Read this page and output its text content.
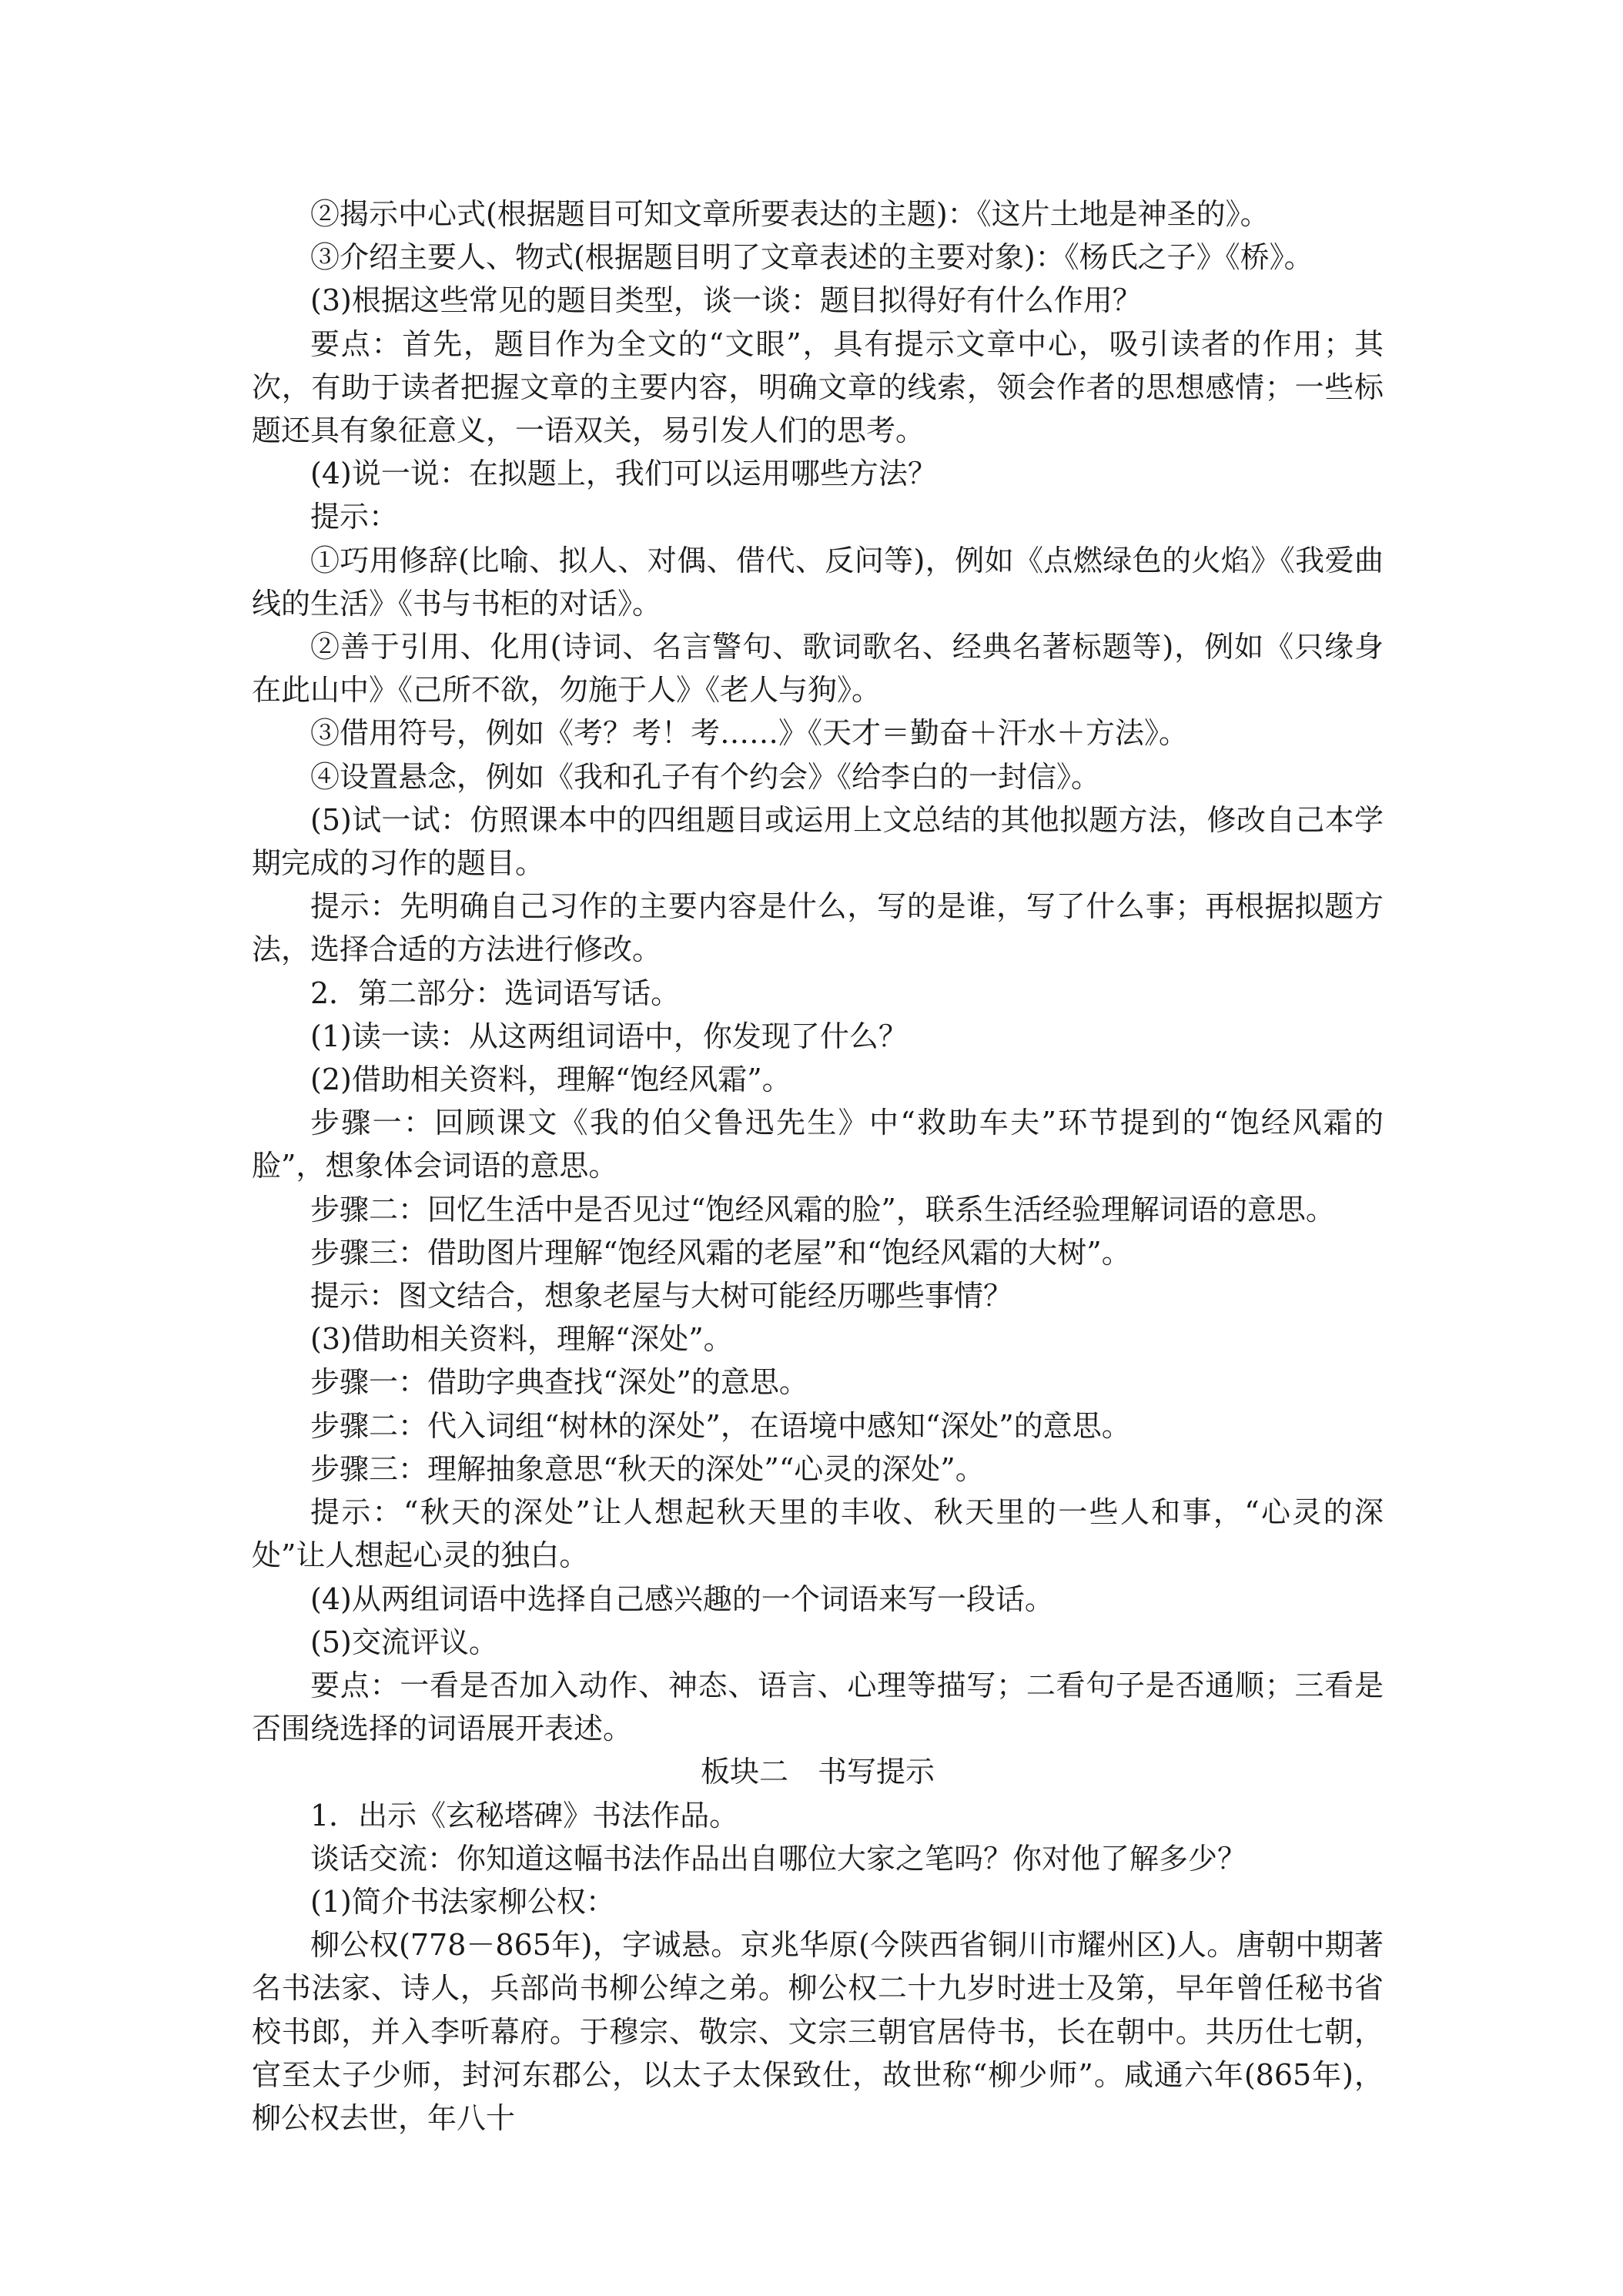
②揭示中心式(根据题目可知文章所要表达的主题)：《这片土地是神圣的》。

③介绍主要人、物式(根据题目明了文章表述的主要对象)：《杨氏之子》《桥》。

(3)根据这些常见的题目类型，谈一谈：题目拟得好有什么作用？

要点：首先，题目作为全文的“文眼”，具有提示文章中心，吸引读者的作用；其次，有助于读者把握文章的主要内容，明确文章的线索，领会作者的思想感情；一些标题还具有象征意义，一语双关，易引发人们的思考。

(4)说一说：在拟题上，我们可以运用哪些方法？

提示：

①巧用修辞(比喻、拟人、对偶、借代、反问等)，例如《点燃绿色的火焰》《我爱曲线的生活》《书与书柜的对话》。

②善于引用、化用(诗词、名言警句、歌词歌名、经典名著标题等)，例如《只缘身在此山中》《己所不欲，勿施于人》《老人与狗》。

③借用符号，例如《考？考！考……》《天才＝勤奋＋汗水＋方法》。

④设置悬念，例如《我和孔子有个约会》《给李白的一封信》。

(5)试一试：仿照课本中的四组题目或运用上文总结的其他拟题方法，修改自己本学期完成的习作的题目。

提示：先明确自己习作的主要内容是什么，写的是谁，写了什么事；再根据拟题方法，选择合适的方法进行修改。

2．第二部分：选词语写话。

(1)读一读：从这两组词语中，你发现了什么？

(2)借助相关资料，理解“饱经风霜”。

步骤一：回顾课文《我的伯父鲁迅先生》中“救助车夫”环节提到的“饱经风霜的脸”，想象体会词语的意思。

步骤二：回忆生活中是否见过“饱经风霜的脸”，联系生活经验理解词语的意思。

步骤三：借助图片理解“饱经风霜的老屋”和“饱经风霜的大树”。

提示：图文结合，想象老屋与大树可能经历哪些事情？

(3)借助相关资料，理解“深处”。

步骤一：借助字典查找“深处”的意思。

步骤二：代入词组“树林的深处”，在语境中感知“深处”的意思。

步骤三：理解抽象意思“秋天的深处”“心灵的深处”。

提示：“秋天的深处”让人想起秋天里的丰收、秋天里的一些人和事，“心灵的深处”让人想起心灵的独白。

(4)从两组词语中选择自己感兴趣的一个词语来写一段话。

(5)交流评议。

要点：一看是否加入动作、神态、语言、心理等描写；二看句子是否通顺；三看是否围绕选择的词语展开表述。

板块二　书写提示

1．出示《玄秘塔碑》书法作品。

谈话交流：你知道这幅书法作品出自哪位大家之笔吗？你对他了解多少？

(1)简介书法家柳公权：

柳公权(778－865年)，字诚悬。京兆华原(今陕西省铜川市耀州区)人。唐朝中期著名书法家、诗人，兵部尚书柳公绰之弟。柳公权二十九岁时进士及第，早年曾任秘书省校书郎，并入李听幕府。于穆宗、敬宗、文宗三朝官居侍书，长在朝中。共历仕七朝，官至太子少师，封河东郡公，以太子太保致仕，故世称“柳少师”。咸通六年(865年)，柳公权去世，年八十
